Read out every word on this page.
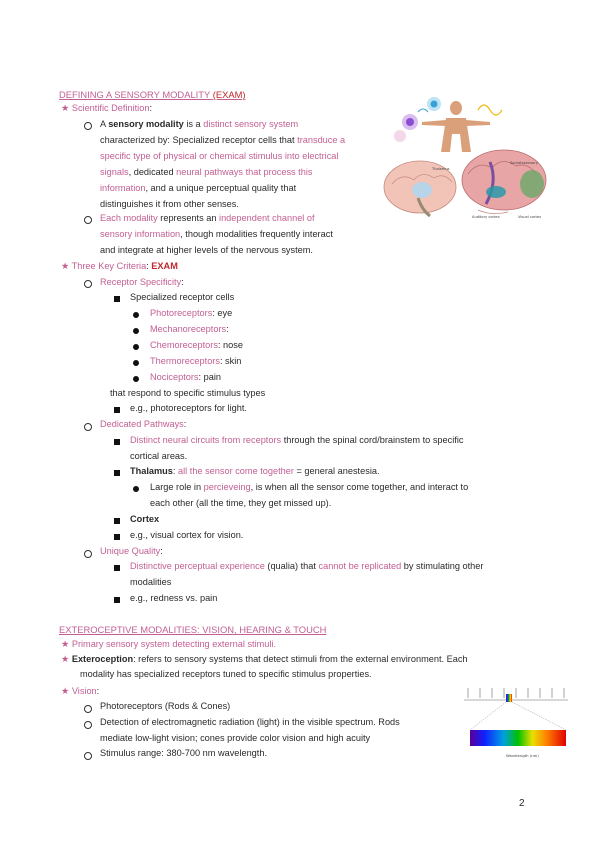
DEFINING A SENSORY MODALITY (EXAM)
★ Scientific Definition:
A sensory modality is a distinct sensory system
characterized by: Specialized receptor cells that transduce a
specific type of physical or chemical stimulus into electrical
signals, dedicated neural pathways that process this
information, and a unique perceptual quality that
distinguishes it from other senses.
Each modality represents an independent channel of
sensory information, though modalities frequently interact
and integrate at higher levels of the nervous system.
★ Three Key Criteria: EXAM
Receptor Specificity:
Specialized receptor cells
Photoreceptors: eye
Mechanoreceptors:
Chemoreceptors: nose
Thermoreceptors: skin
Nociceptors: pain
that respond to specific stimulus types
e.g., photoreceptors for light.
Dedicated Pathways:
Distinct neural circuits from receptors through the spinal cord/brainstem to specific
cortical areas.
Thalamus: all the sensor come together = general anestesia.
Large role in percieveing, is when all the sensor come together, and interact to
each other (all the time, they get missed up).
Cortex
e.g., visual cortex for vision.
Unique Quality:
Distinctive perceptual experience (qualia) that cannot be replicated by stimulating other
modalities
e.g., redness vs. pain
EXTEROCEPTIVE MODALITIES: VISION, HEARING & TOUCH
★ Primary sensory system detecting external stimuli.
★ Exteroception: refers to sensory systems that detect stimuli from the external environment. Each
modality has specialized receptors tuned to specific stimulus properties.
★ Vision:
Photoreceptors (Rods & Cones)
Detection of electromagnetic radiation (light) in the visible spectrum. Rods
mediate low-light vision; cones provide color vision and high acuity
Stimulus range: 380-700 nm wavelength.
2
Thalamus
Somatosensory
Auditory cortex	Visual cortex
Wavelength (nm)
